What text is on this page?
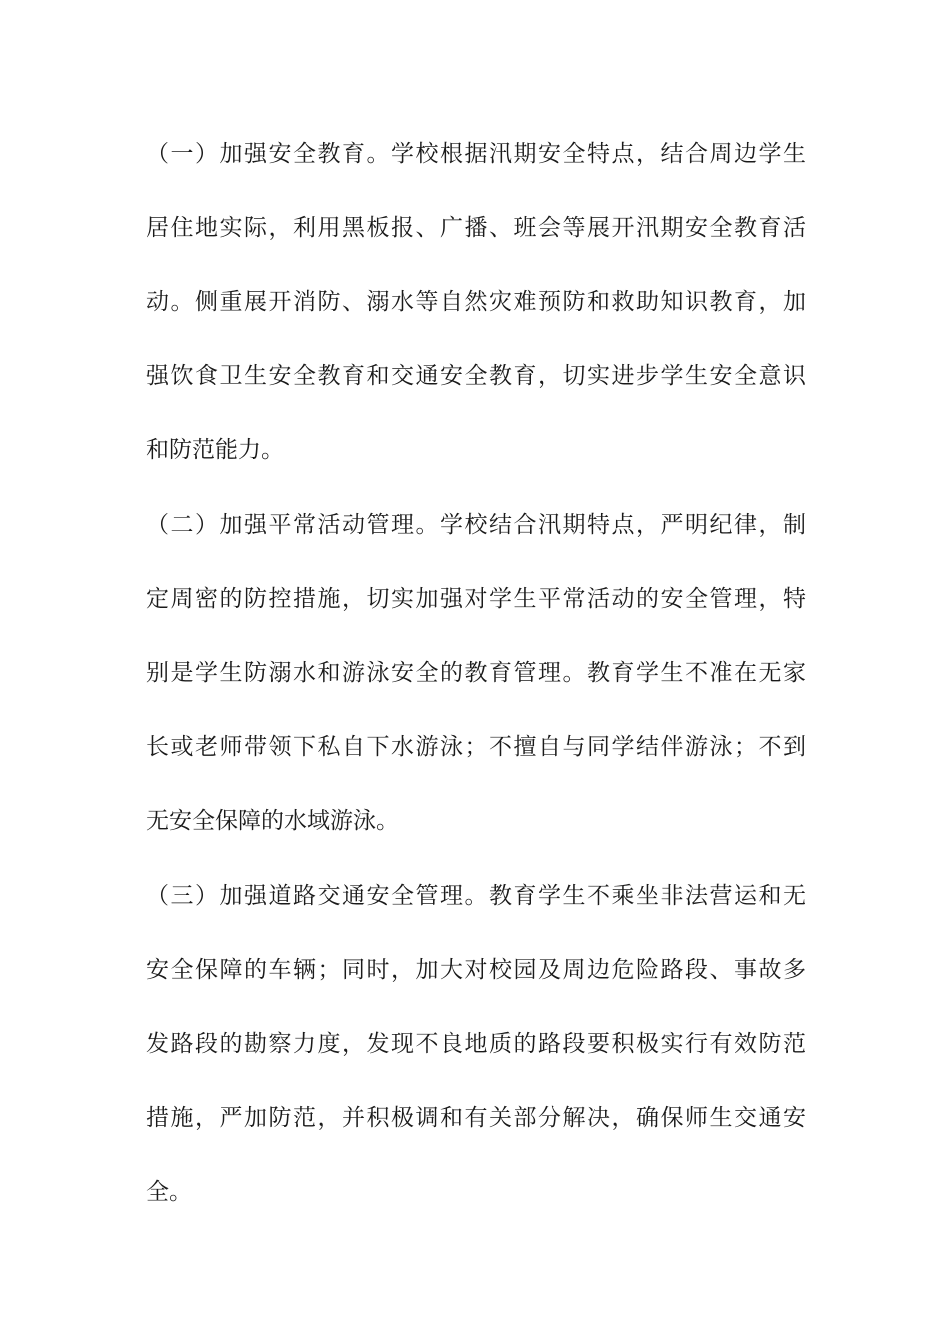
（一）加强安全教育。学校根据汛期安全特点，结合周边学生
居住地实际，利用黑板报、广播、班会等展开汛期安全教育活
动。侧重展开消防、溺水等自然灾难预防和救助知识教育，加
强饮食卫生安全教育和交通安全教育，切实进步学生安全意识
和防范能力。
（二）加强平常活动管理。学校结合汛期特点，严明纪律，制
定周密的防控措施，切实加强对学生平常活动的安全管理，特
别是学生防溺水和游泳安全的教育管理。教育学生不准在无家
长或老师带领下私自下水游泳；不擅自与同学结伴游泳；不到
无安全保障的水域游泳。
（三）加强道路交通安全管理。教育学生不乘坐非法营运和无
安全保障的车辆；同时，加大对校园及周边危险路段、事故多
发路段的勘察力度，发现不良地质的路段要积极实行有效防范
措施，严加防范，并积极调和有关部分解决，确保师生交通安
全。
